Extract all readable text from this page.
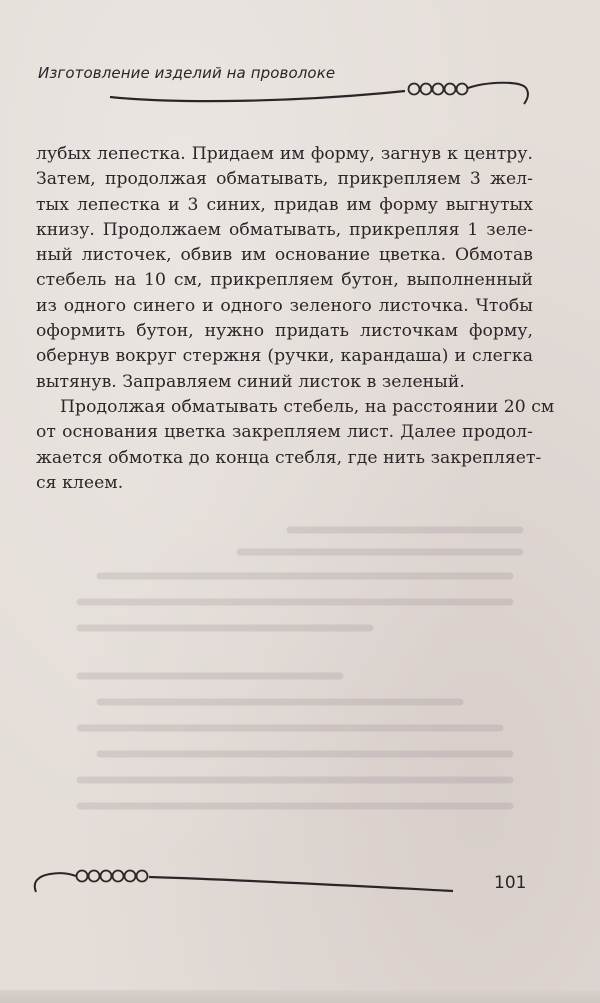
Изготовление изделий на проволоке

лубых лепестка. Придаем им форму, загнув к центру.
Затем, продолжая обматывать, прикрепляем 3 жел-
тых лепестка и 3 синих, придав им форму выгнутых
книзу. Продолжаем обматывать, прикрепляя 1 зеле-
ный листочек, обвив им основание цветка. Обмотав
стебель на 10 см, прикрепляем бутон, выполненный
из одного синего и одного зеленого листочка. Чтобы
оформить бутон, нужно придать листочкам форму,
обернув вокруг стержня (ручки, карандаша) и слегка
вытянув. Заправляем синий листок в зеленый.

Продолжая обматывать стебель, на расстоянии 20 см
от основания цветка закрепляем лист. Далее продол-
жается обмотка до конца стебля, где нить закрепляет-
ся клеем.

101
